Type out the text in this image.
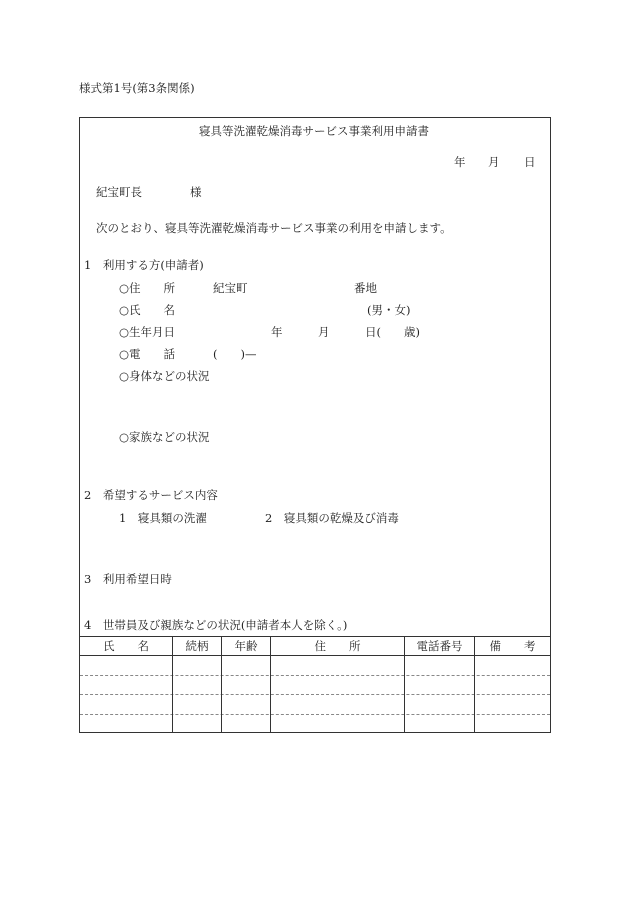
様式第1号(第3条関係)
寝具等洗濯乾燥消毒サービス事業利用申請書
年 月 日
紀宝町長	様
次のとおり、寝具等洗濯乾燥消毒サービス事業の利用を申請します。
1　利用する方(申請者)
○住　　所	紀宝町	番地
○氏　　名	(男・女)
○生年月日	年	月	日(　　歳)
○電　　話	(　　)—
○身体などの状況
○家族などの状況
2　希望するサービス内容
1　寝具類の洗濯	2　寝具類の乾燥及び消毒
3　利用希望日時
4　世帯員及び親族などの状況(申請者本人を除く。)
氏　　名	続柄	年齢	住　　所	電話番号	備　　考
